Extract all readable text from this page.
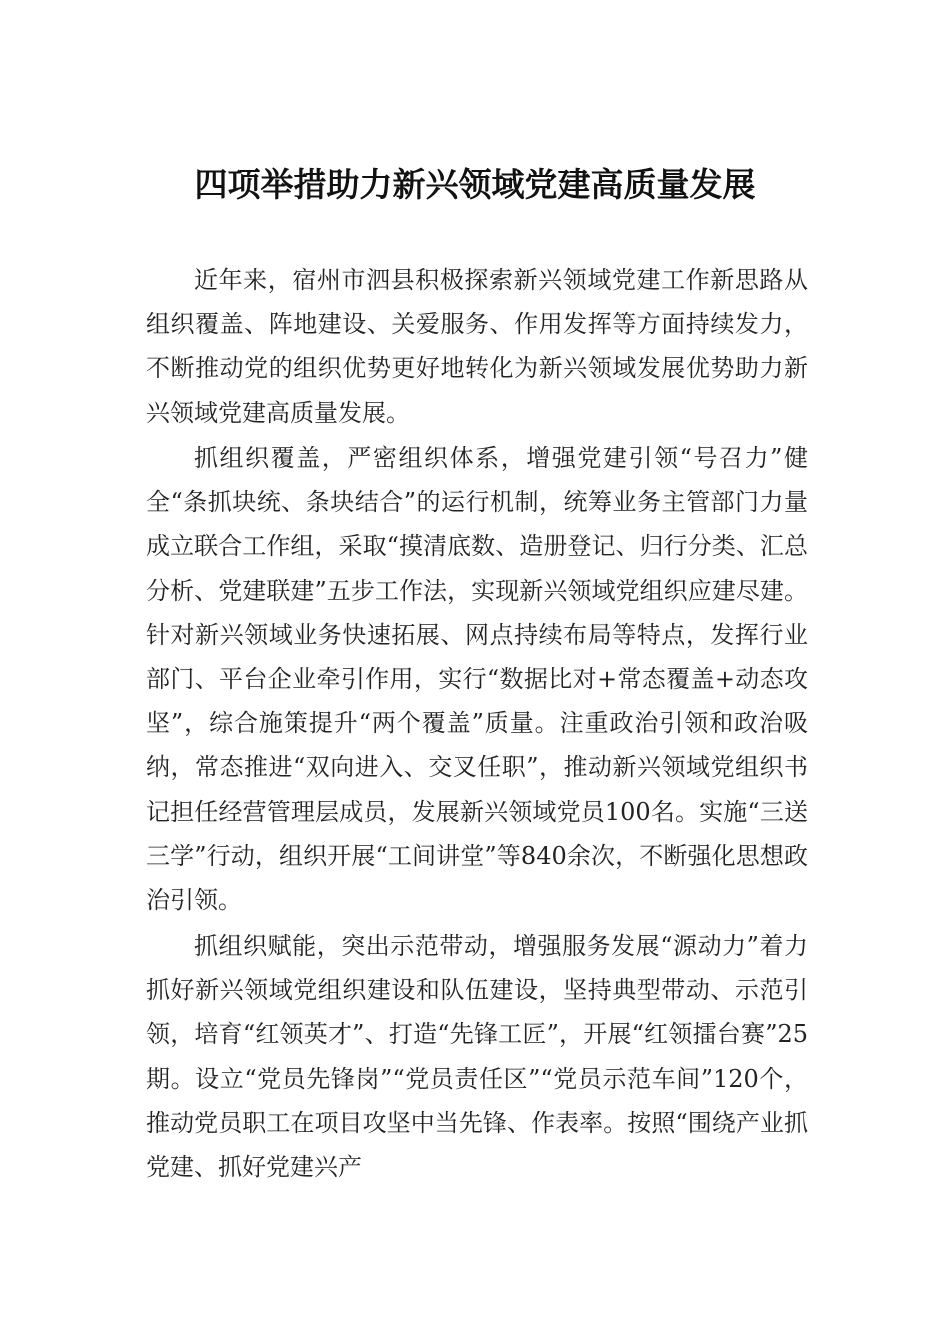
四项举措助力新兴领域党建高质量发展

近年来，宿州市泗县积极探索新兴领域党建工作新思路从组织覆盖、阵地建设、关爱服务、作用发挥等方面持续发力，不断推动党的组织优势更好地转化为新兴领域发展优势助力新兴领域党建高质量发展。

抓组织覆盖，严密组织体系，增强党建引领“号召力”健全“条抓块统、条块结合”的运行机制，统筹业务主管部门力量成立联合工作组，采取“摸清底数、造册登记、归行分类、汇总分析、党建联建”五步工作法，实现新兴领域党组织应建尽建。针对新兴领域业务快速拓展、网点持续布局等特点，发挥行业部门、平台企业牵引作用，实行“数据比对+常态覆盖+动态攻坚”，综合施策提升“两个覆盖”质量。注重政治引领和政治吸纳，常态推进“双向进入、交叉任职”，推动新兴领域党组织书记担任经营管理层成员，发展新兴领域党员100名。实施“三送三学”行动，组织开展“工间讲堂”等840余次，不断强化思想政治引领。

抓组织赋能，突出示范带动，增强服务发展“源动力”着力抓好新兴领域党组织建设和队伍建设，坚持典型带动、示范引领，培育“红领英才”、打造“先锋工匠”，开展“红领擂台赛”25期。设立“党员先锋岗”“党员责任区”“党员示范车间”120个，推动党员职工在项目攻坚中当先锋、作表率。按照“围绕产业抓党建、抓好党建兴产
